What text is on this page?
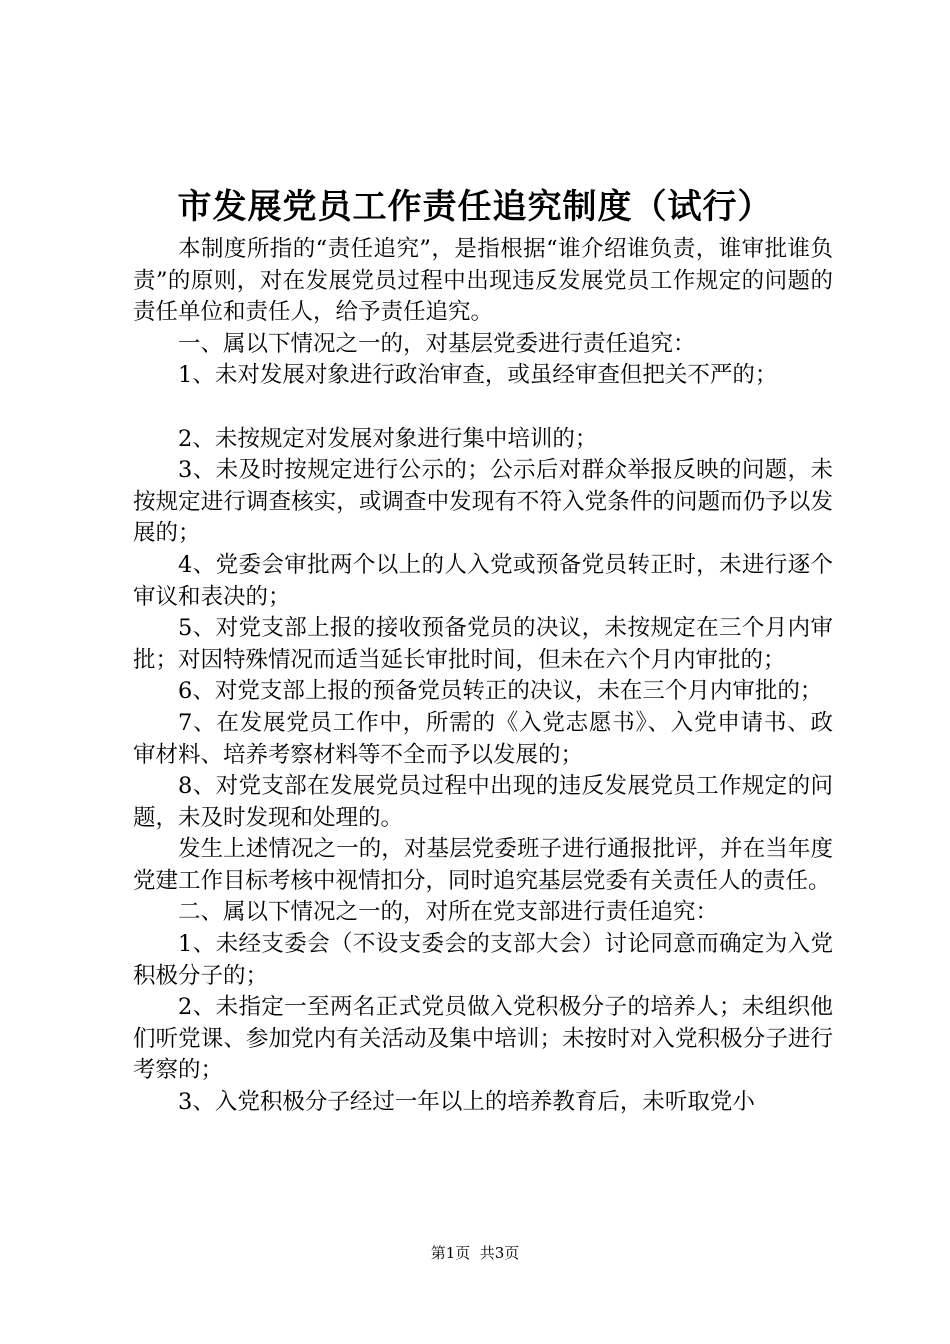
市发展党员工作责任追究制度（试行）

本制度所指的“责任追究”，是指根据“谁介绍谁负责，谁审批谁负责”的原则，对在发展党员过程中出现违反发展党员工作规定的问题的责任单位和责任人，给予责任追究。

一、属以下情况之一的，对基层党委进行责任追究：

1、未对发展对象进行政治审查，或虽经审查但把关不严的；

2、未按规定对发展对象进行集中培训的；

3、未及时按规定进行公示的；公示后对群众举报反映的问题，未按规定进行调查核实，或调查中发现有不符入党条件的问题而仍予以发展的；

4、党委会审批两个以上的人入党或预备党员转正时，未进行逐个审议和表决的；

5、对党支部上报的接收预备党员的决议，未按规定在三个月内审批；对因特殊情况而适当延长审批时间，但未在六个月内审批的；

6、对党支部上报的预备党员转正的决议，未在三个月内审批的；

7、在发展党员工作中，所需的《入党志愿书》、入党申请书、政审材料、培养考察材料等不全而予以发展的；

8、对党支部在发展党员过程中出现的违反发展党员工作规定的问题，未及时发现和处理的。

发生上述情况之一的，对基层党委班子进行通报批评，并在当年度党建工作目标考核中视情扣分，同时追究基层党委有关责任人的责任。

二、属以下情况之一的，对所在党支部进行责任追究：

1、未经支委会（不设支委会的支部大会）讨论同意而确定为入党积极分子的；

2、未指定一至两名正式党员做入党积极分子的培养人；未组织他们听党课、参加党内有关活动及集中培训；未按时对入党积极分子进行考察的；

3、入党积极分子经过一年以上的培养教育后，未听取党小

第1页  共3页
